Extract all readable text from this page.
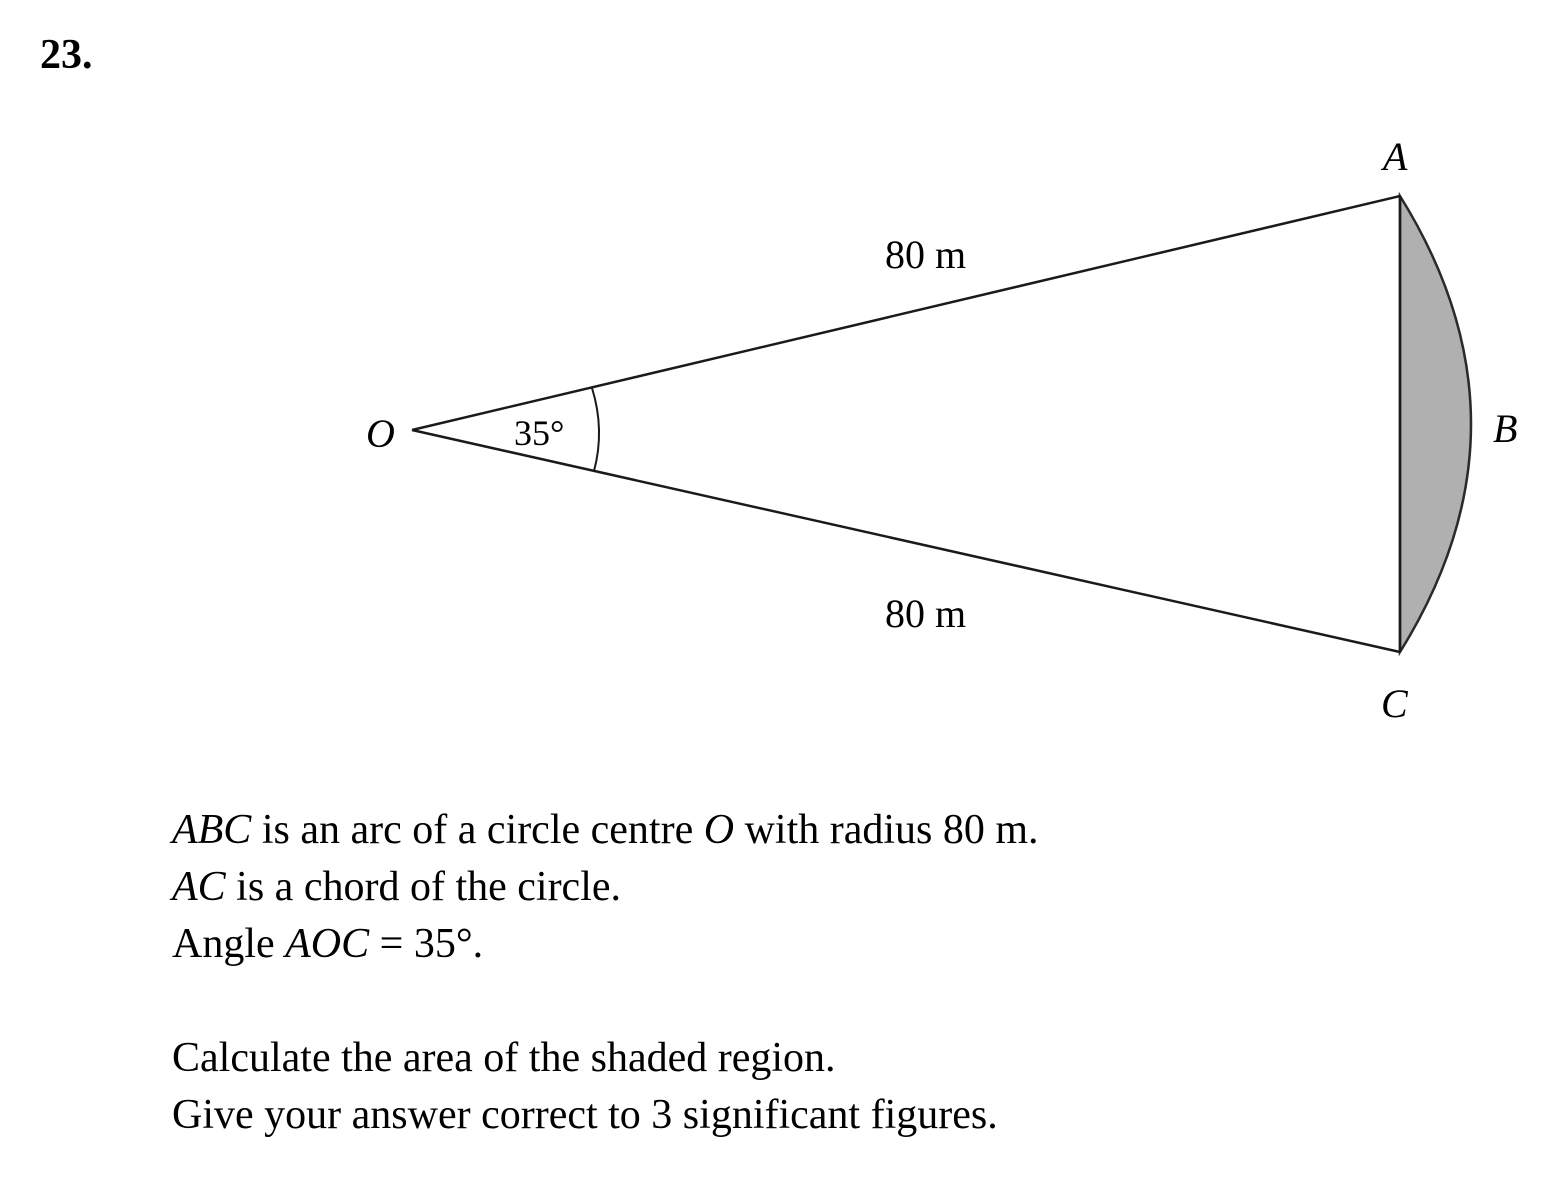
23.
A
B
C
O
80 m
80 m
35°
ABC is an arc of a circle centre O with radius 80 m.
AC is a chord of the circle.
Angle AOC = 35°.
Calculate the area of the shaded region.
Give your answer correct to 3 significant figures.
